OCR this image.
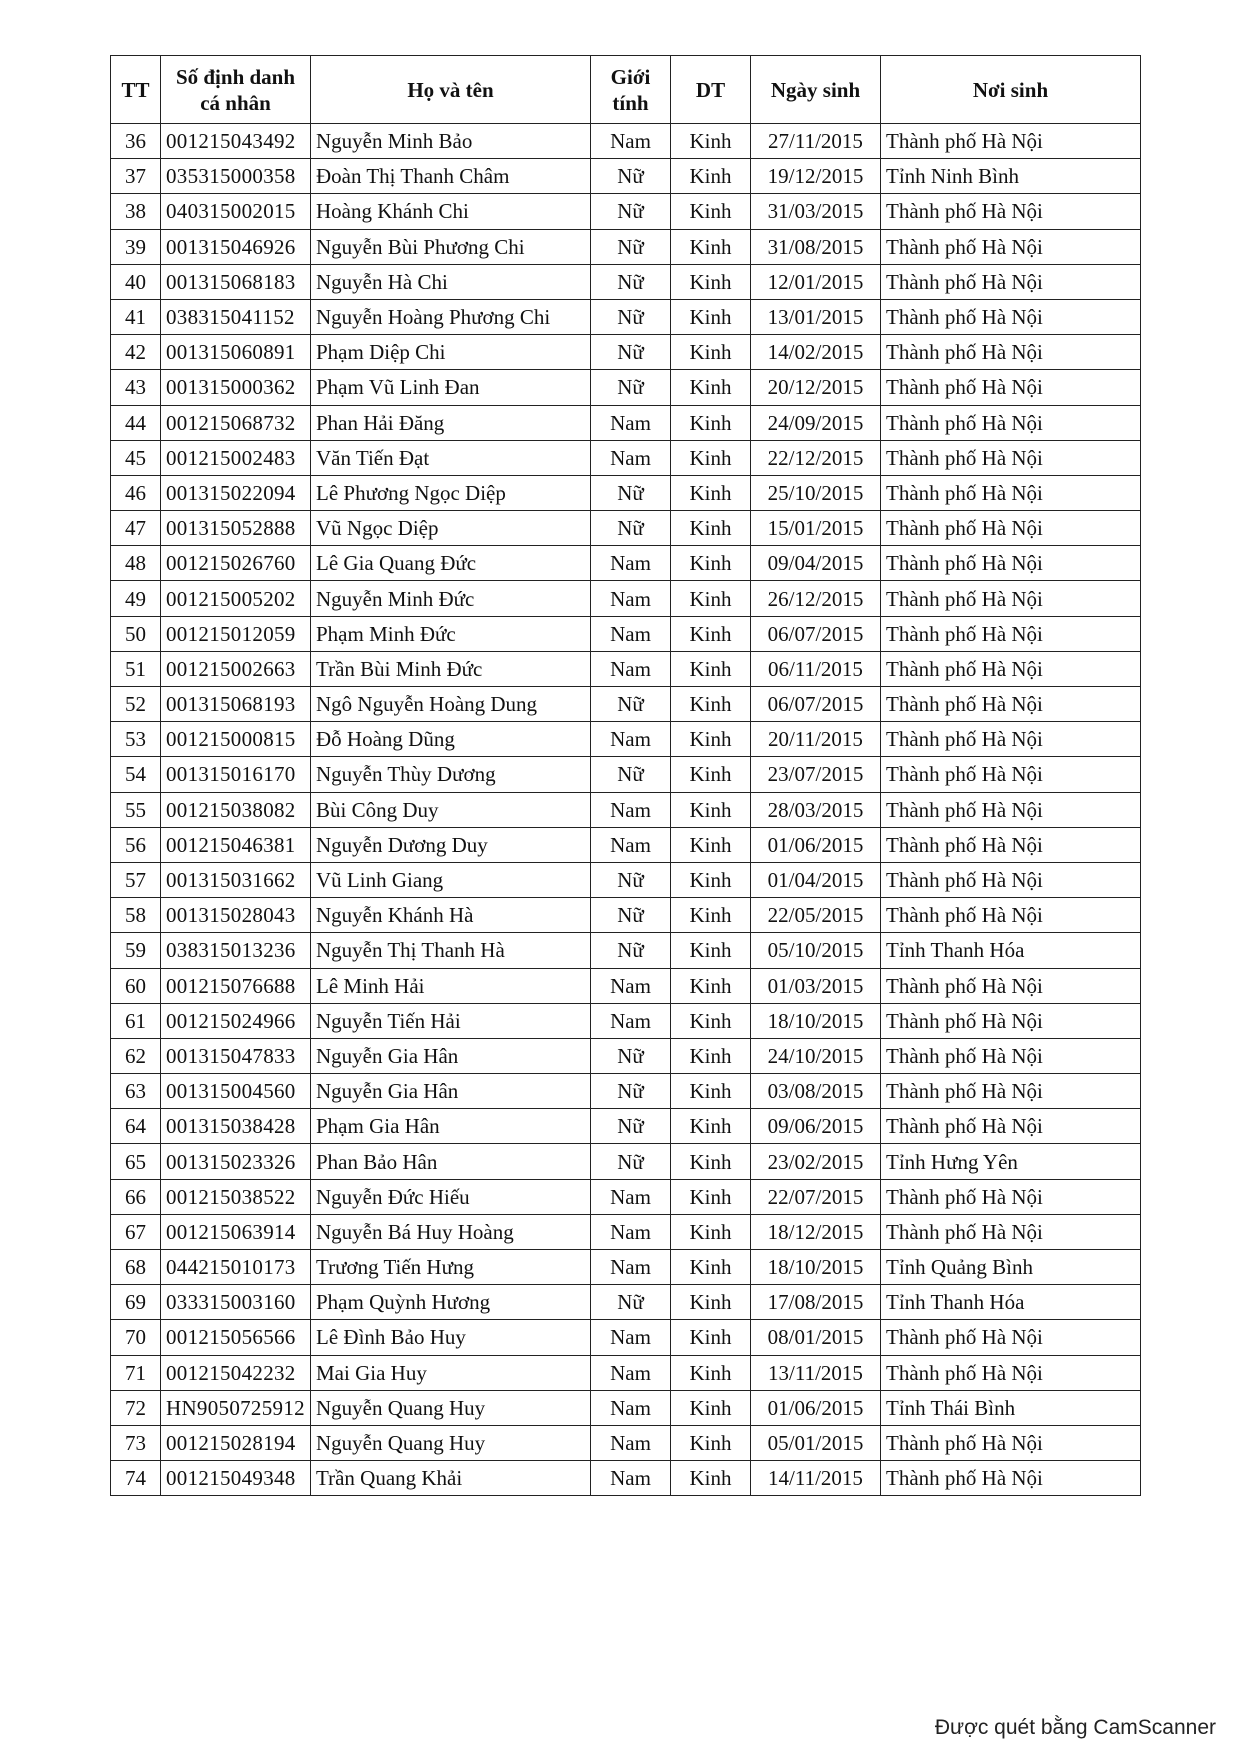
TT	Số định danh cá nhân	Họ và tên	Giới tính	DT	Ngày sinh	Nơi sinh
36	001215043492	Nguyễn Minh Bảo	Nam	Kinh	27/11/2015	Thành phố Hà Nội
37	035315000358	Đoàn Thị Thanh Châm	Nữ	Kinh	19/12/2015	Tỉnh Ninh Bình
38	040315002015	Hoàng Khánh Chi	Nữ	Kinh	31/03/2015	Thành phố Hà Nội
39	001315046926	Nguyễn Bùi Phương Chi	Nữ	Kinh	31/08/2015	Thành phố Hà Nội
40	001315068183	Nguyễn Hà Chi	Nữ	Kinh	12/01/2015	Thành phố Hà Nội
41	038315041152	Nguyễn Hoàng Phương Chi	Nữ	Kinh	13/01/2015	Thành phố Hà Nội
42	001315060891	Phạm Diệp Chi	Nữ	Kinh	14/02/2015	Thành phố Hà Nội
43	001315000362	Phạm Vũ Linh Đan	Nữ	Kinh	20/12/2015	Thành phố Hà Nội
44	001215068732	Phan Hải Đăng	Nam	Kinh	24/09/2015	Thành phố Hà Nội
45	001215002483	Văn Tiến Đạt	Nam	Kinh	22/12/2015	Thành phố Hà Nội
46	001315022094	Lê Phương Ngọc Diệp	Nữ	Kinh	25/10/2015	Thành phố Hà Nội
47	001315052888	Vũ Ngọc Diệp	Nữ	Kinh	15/01/2015	Thành phố Hà Nội
48	001215026760	Lê Gia Quang Đức	Nam	Kinh	09/04/2015	Thành phố Hà Nội
49	001215005202	Nguyễn Minh Đức	Nam	Kinh	26/12/2015	Thành phố Hà Nội
50	001215012059	Phạm Minh Đức	Nam	Kinh	06/07/2015	Thành phố Hà Nội
51	001215002663	Trần Bùi Minh Đức	Nam	Kinh	06/11/2015	Thành phố Hà Nội
52	001315068193	Ngô Nguyễn Hoàng Dung	Nữ	Kinh	06/07/2015	Thành phố Hà Nội
53	001215000815	Đỗ Hoàng Dũng	Nam	Kinh	20/11/2015	Thành phố Hà Nội
54	001315016170	Nguyễn Thùy Dương	Nữ	Kinh	23/07/2015	Thành phố Hà Nội
55	001215038082	Bùi Công Duy	Nam	Kinh	28/03/2015	Thành phố Hà Nội
56	001215046381	Nguyễn Dương Duy	Nam	Kinh	01/06/2015	Thành phố Hà Nội
57	001315031662	Vũ Linh Giang	Nữ	Kinh	01/04/2015	Thành phố Hà Nội
58	001315028043	Nguyễn Khánh Hà	Nữ	Kinh	22/05/2015	Thành phố Hà Nội
59	038315013236	Nguyễn Thị Thanh Hà	Nữ	Kinh	05/10/2015	Tỉnh Thanh Hóa
60	001215076688	Lê Minh Hải	Nam	Kinh	01/03/2015	Thành phố Hà Nội
61	001215024966	Nguyễn Tiến Hải	Nam	Kinh	18/10/2015	Thành phố Hà Nội
62	001315047833	Nguyễn Gia Hân	Nữ	Kinh	24/10/2015	Thành phố Hà Nội
63	001315004560	Nguyễn Gia Hân	Nữ	Kinh	03/08/2015	Thành phố Hà Nội
64	001315038428	Phạm Gia Hân	Nữ	Kinh	09/06/2015	Thành phố Hà Nội
65	001315023326	Phan Bảo Hân	Nữ	Kinh	23/02/2015	Tỉnh Hưng Yên
66	001215038522	Nguyễn Đức Hiếu	Nam	Kinh	22/07/2015	Thành phố Hà Nội
67	001215063914	Nguyễn Bá Huy Hoàng	Nam	Kinh	18/12/2015	Thành phố Hà Nội
68	044215010173	Trương Tiến Hưng	Nam	Kinh	18/10/2015	Tỉnh Quảng Bình
69	033315003160	Phạm Quỳnh Hương	Nữ	Kinh	17/08/2015	Tỉnh Thanh Hóa
70	001215056566	Lê Đình Bảo Huy	Nam	Kinh	08/01/2015	Thành phố Hà Nội
71	001215042232	Mai Gia Huy	Nam	Kinh	13/11/2015	Thành phố Hà Nội
72	HN9050725912	Nguyễn Quang Huy	Nam	Kinh	01/06/2015	Tỉnh Thái Bình
73	001215028194	Nguyễn Quang Huy	Nam	Kinh	05/01/2015	Thành phố Hà Nội
74	001215049348	Trần Quang Khải	Nam	Kinh	14/11/2015	Thành phố Hà Nội
Được quét bằng CamScanner
